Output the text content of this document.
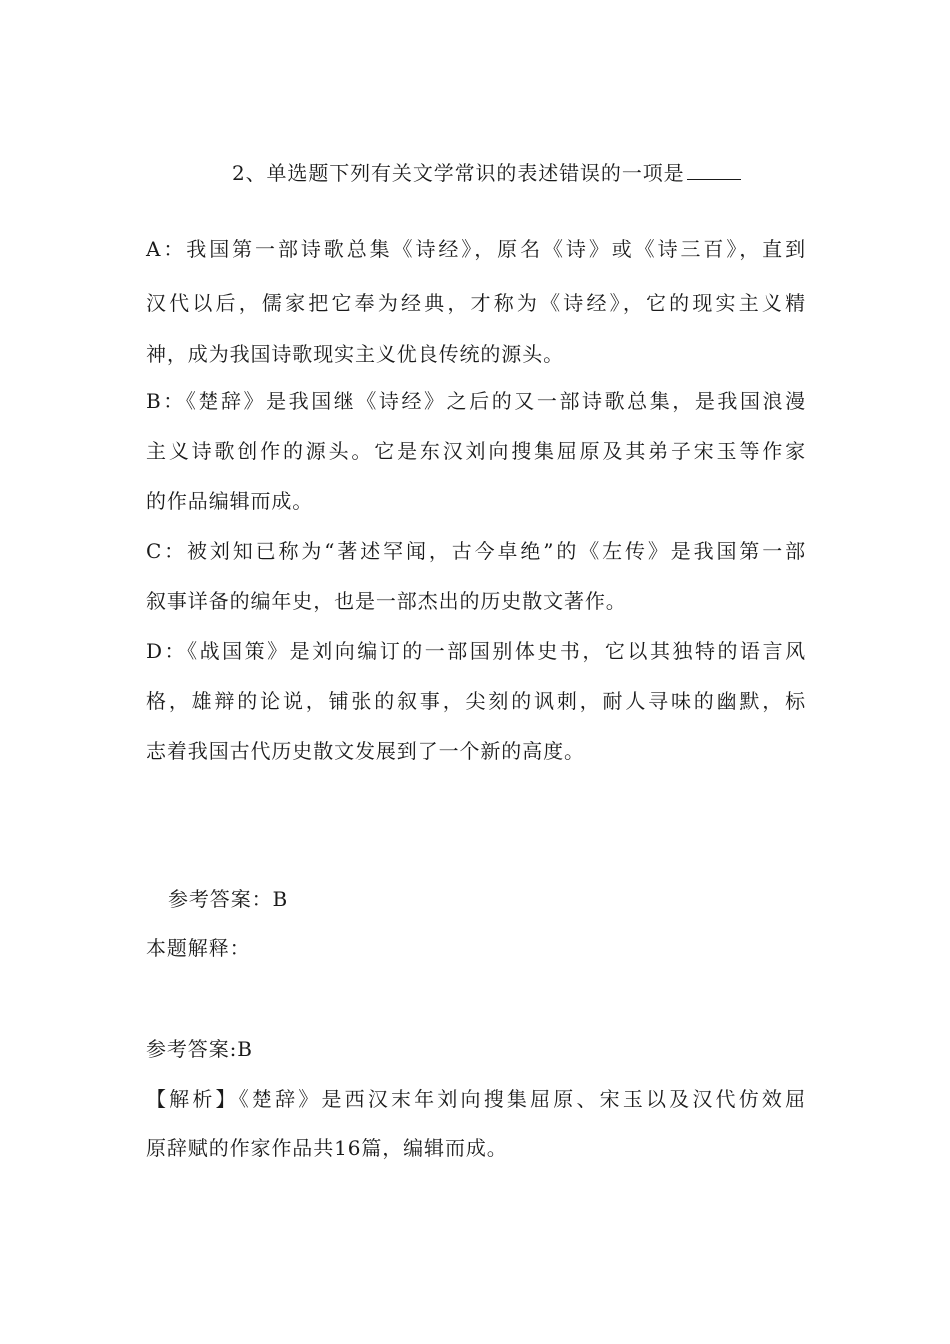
2、单选题下列有关文学常识的表述错误的一项是
A：我国第一部诗歌总集《诗经》，原名《诗》或《诗三百》，直到
汉代以后，儒家把它奉为经典，才称为《诗经》，它的现实主义精
神，成为我国诗歌现实主义优良传统的源头。
B：《楚辞》是我国继《诗经》之后的又一部诗歌总集，是我国浪漫
主义诗歌创作的源头。它是东汉刘向搜集屈原及其弟子宋玉等作家
的作品编辑而成。
C：被刘知已称为“著述罕闻，古今卓绝”的《左传》是我国第一部
叙事详备的编年史，也是一部杰出的历史散文著作。
D：《战国策》是刘向编订的一部国别体史书，它以其独特的语言风
格，雄辩的论说，铺张的叙事，尖刻的讽刺，耐人寻味的幽默，标
志着我国古代历史散文发展到了一个新的高度。
参考答案：B
本题解释：
参考答案:B
【解析】《楚辞》是西汉末年刘向搜集屈原、宋玉以及汉代仿效屈
原辞赋的作家作品共16篇，编辑而成。
